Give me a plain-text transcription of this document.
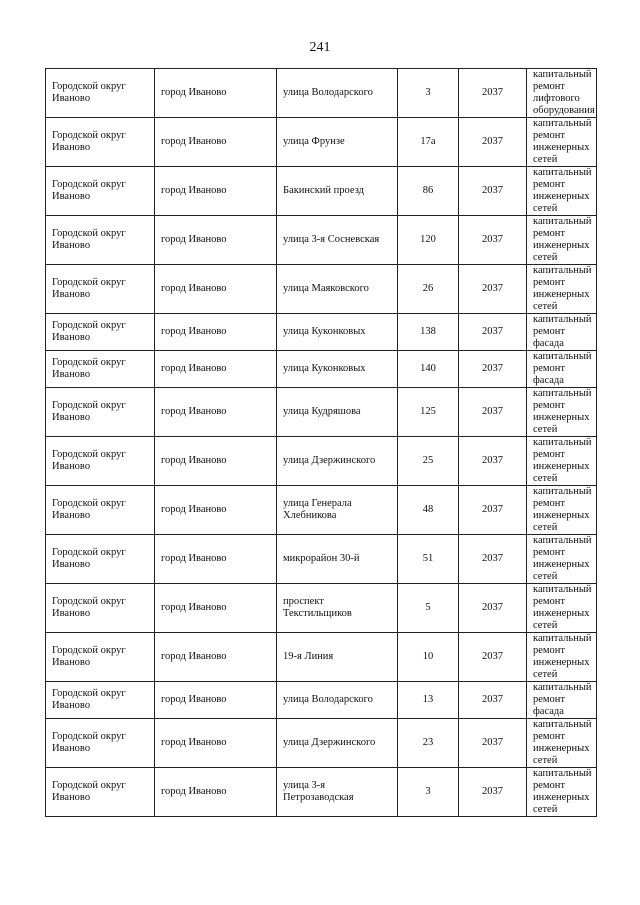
241
Городской округ Иваново	город Иваново	улица Володарского	3	2037	капитальный ремонт лифтового оборудования
Городской округ Иваново	город Иваново	улица Фрунзе	17а	2037	капитальный ремонт инженерных сетей
Городской округ Иваново	город Иваново	Бакинский проезд	86	2037	капитальный ремонт инженерных сетей
Городской округ Иваново	город Иваново	улица 3-я Сосневская	120	2037	капитальный ремонт инженерных сетей
Городской округ Иваново	город Иваново	улица Маяковского	26	2037	капитальный ремонт инженерных сетей
Городской округ Иваново	город Иваново	улица Куконковых	138	2037	капитальный ремонт фасада
Городской округ Иваново	город Иваново	улица Куконковых	140	2037	капитальный ремонт фасада
Городской округ Иваново	город Иваново	улица Кудряшова	125	2037	капитальный ремонт инженерных сетей
Городской округ Иваново	город Иваново	улица Дзержинского	25	2037	капитальный ремонт инженерных сетей
Городской округ Иваново	город Иваново	улица Генерала Хлебникова	48	2037	капитальный ремонт инженерных сетей
Городской округ Иваново	город Иваново	микрорайон 30-й	51	2037	капитальный ремонт инженерных сетей
Городской округ Иваново	город Иваново	проспект Текстильщиков	5	2037	капитальный ремонт инженерных сетей
Городской округ Иваново	город Иваново	19-я Линия	10	2037	капитальный ремонт инженерных сетей
Городской округ Иваново	город Иваново	улица Володарского	13	2037	капитальный ремонт фасада
Городской округ Иваново	город Иваново	улица Дзержинского	23	2037	капитальный ремонт инженерных сетей
Городской округ Иваново	город Иваново	улица 3-я Петрозаводская	3	2037	капитальный ремонт инженерных сетей
